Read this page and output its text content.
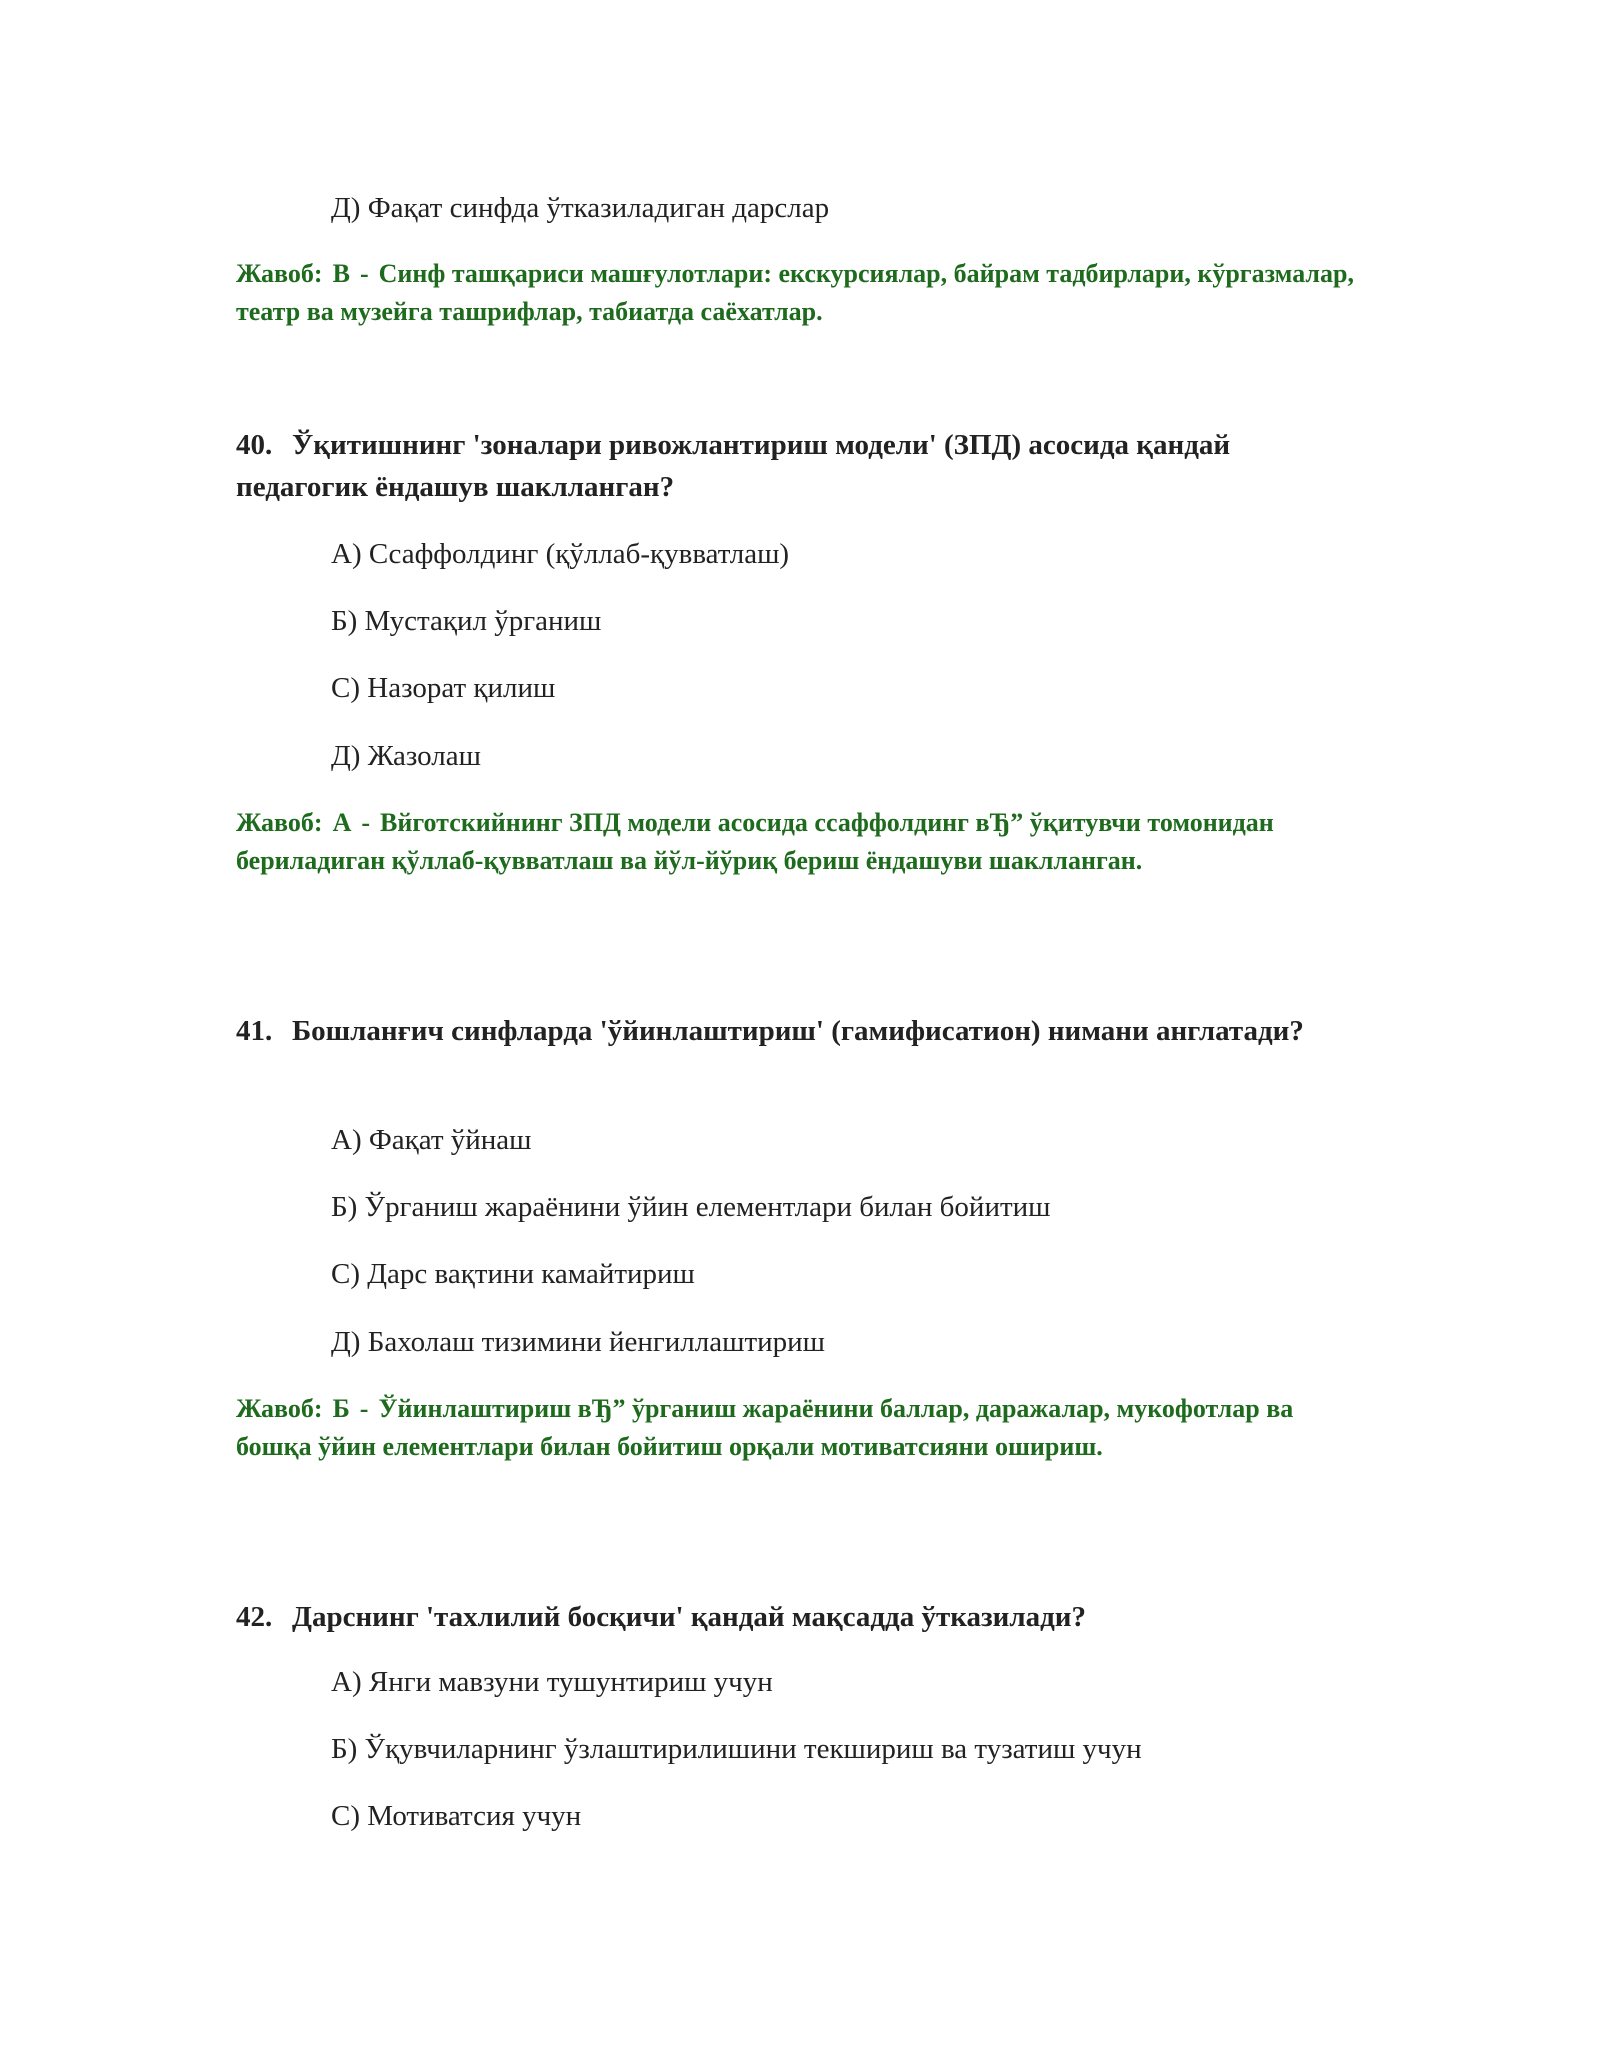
Д) Фақат синфда ўтказиладиган дарслар
Жавоб: В - Синф ташқариси машғулотлари: екскурсиялар, байрам тадбирлари, кўргазмалар, театр ва музейга ташрифлар, табиатда саёхатлар.
40. Ўқитишнинг 'зоналари ривожлантириш модели' (ЗПД) асосида қандай педагогик ёндашув шаклланган?
А) Ссаффолдинг (қўллаб-қувватлаш)
Б) Мустақил ўрганиш
С) Назорат қилиш
Д) Жазолаш
Жавоб: А - Вйготскийнинг ЗПД модели асосида ссаффолдинг вЂ” ўқитувчи томонидан бериладиган қўллаб-қувватлаш ва йўл-йўриқ бериш ёндашуви шаклланган.
41. Бошланғич синфларда 'ўйинлаштириш' (гамифисатион) нимани англатади?
А) Фақат ўйнаш
Б) Ўрганиш жараёнини ўйин елементлари билан бойитиш
С) Дарс вақтини камайтириш
Д) Бахолаш тизимини йенгиллаштириш
Жавоб: Б - Ўйинлаштириш вЂ” ўрганиш жараёнини баллар, даражалар, мукофотлар ва бошқа ўйин елементлари билан бойитиш орқали мотиватсияни ошириш.
42. Дарснинг 'тахлилий босқичи' қандай мақсадда ўтказилади?
А) Янги мавзуни тушунтириш учун
Б) Ўқувчиларнинг ўзлаштирилишини текшириш ва тузатиш учун
С) Мотиватсия учун
